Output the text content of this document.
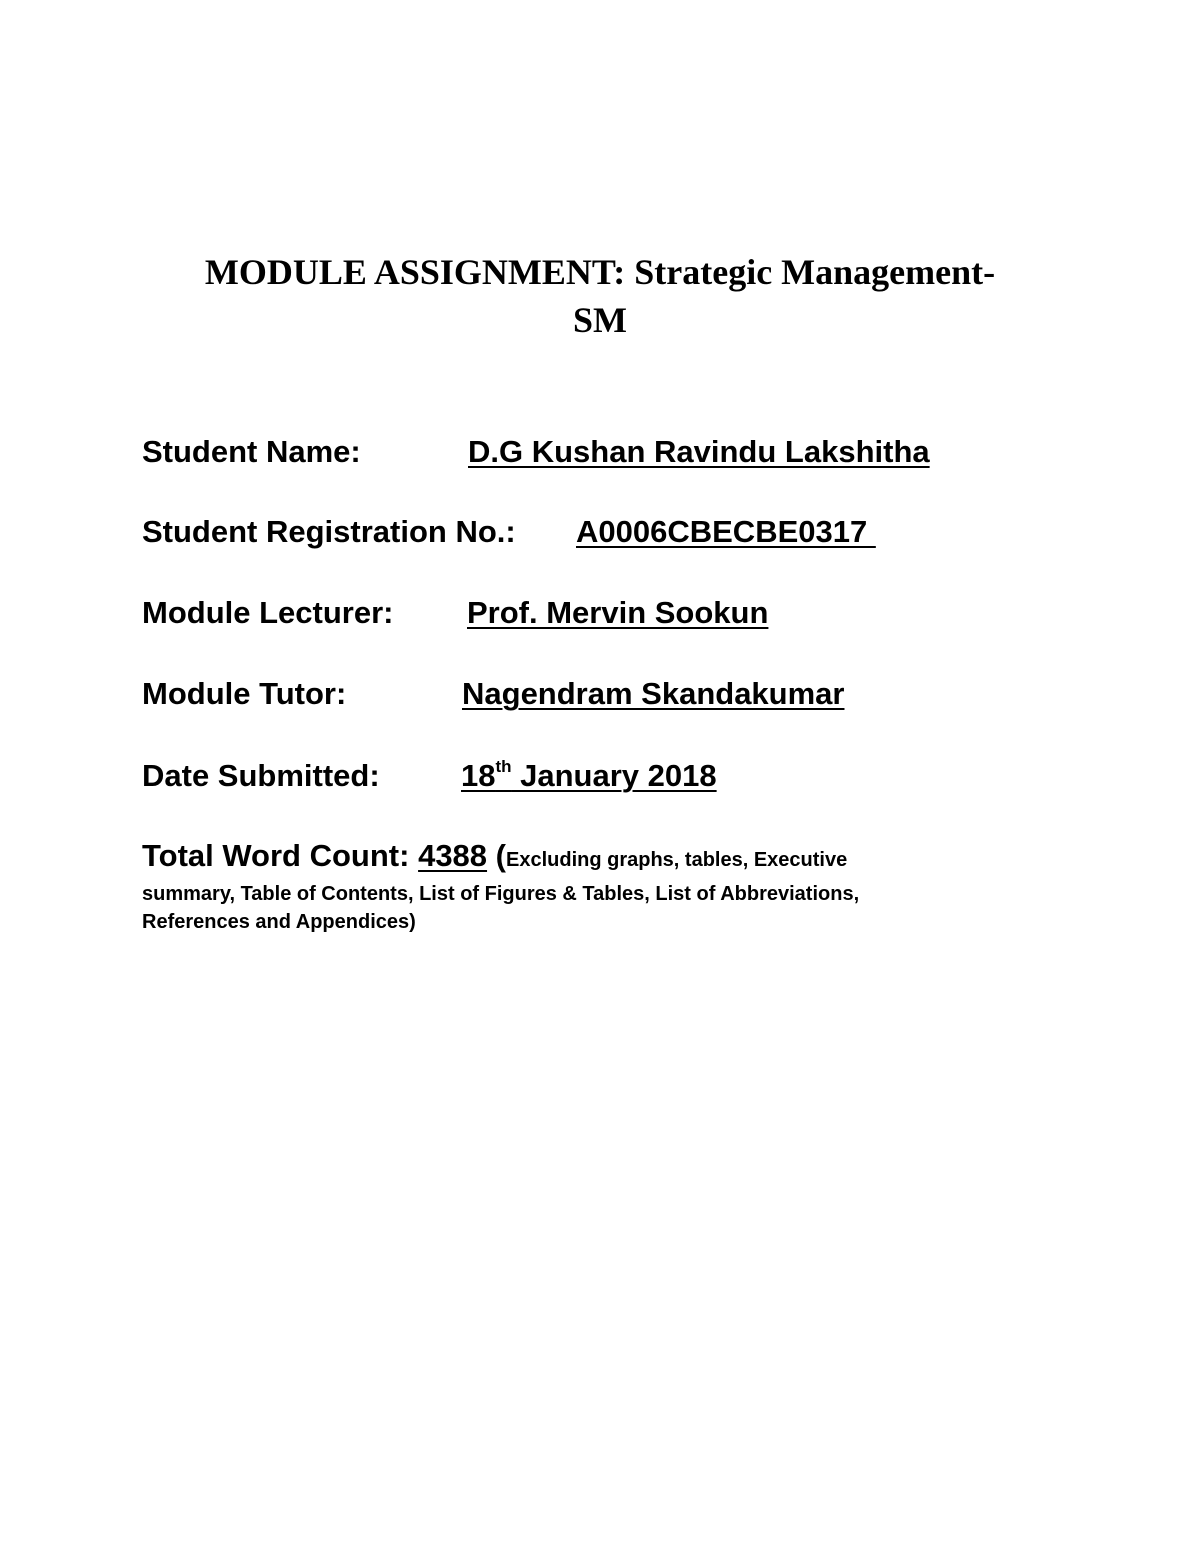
MODULE ASSIGNMENT: Strategic Management-
SM
Student Name:	D.G Kushan Ravindu Lakshitha
Student Registration No.: A0006CBECBE0317
Module Lecturer: Prof. Mervin Sookun
Module Tutor:	Nagendram Skandakumar
Date Submitted:	18th January 2018
Total Word Count: 4388 (Excluding graphs, tables, Executive
summary, Table of Contents, List of Figures & Tables, List of Abbreviations,
References and Appendices)
